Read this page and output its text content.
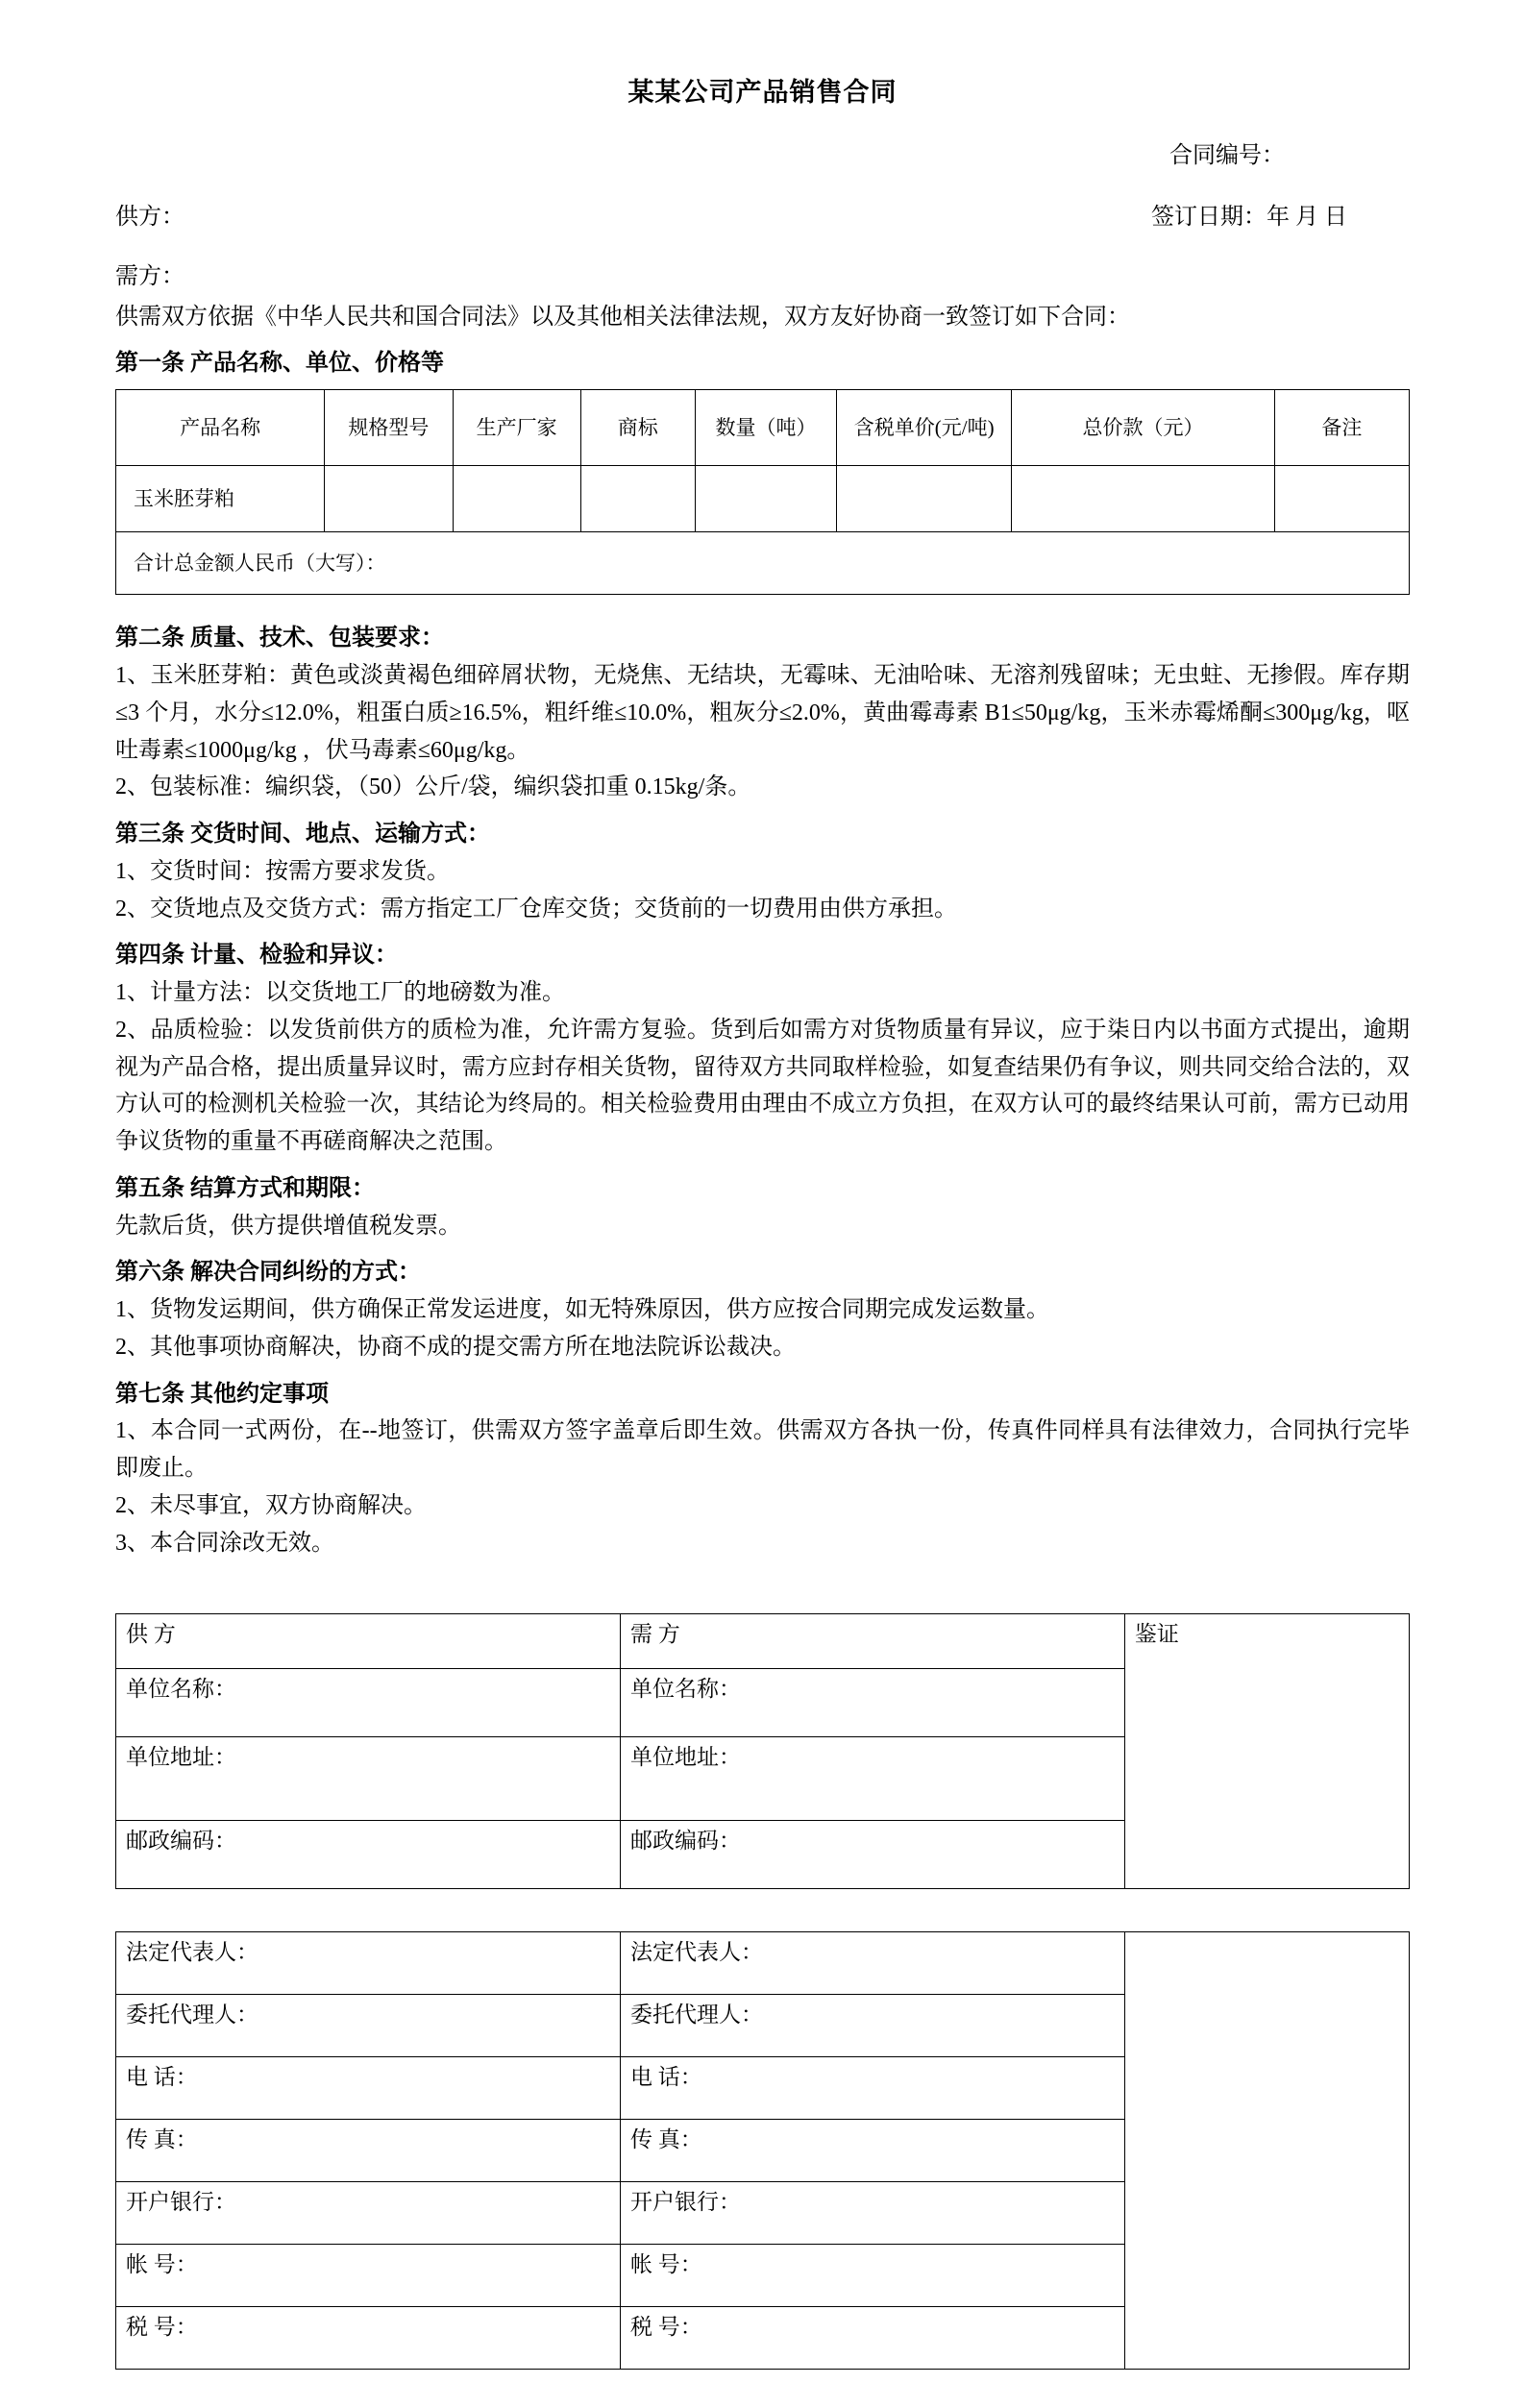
某某公司产品销售合同
合同编号：
供方：	签订日期：年 月 日
需方：
供需双方依据《中华人民共和国合同法》以及其他相关法律法规，双方友好协商一致签订如下合同：
第一条 产品名称、单位、价格等
产品名称	规格型号	生产厂家	商标	数量（吨）	含税单价(元/吨)	总价款（元）	备注
玉米胚芽粕							
合计总金额人民币（大写）：							
第二条 质量、技术、包装要求：
1、玉米胚芽粕：黄色或淡黄褐色细碎屑状物，无烧焦、无结块，无霉味、无油哈味、无溶剂残留味；无虫蛀、无掺假。库存期≤3 个月，水分≤12.0%，粗蛋白质≥16.5%，粗纤维≤10.0%，粗灰分≤2.0%，黄曲霉毒素 B1≤50μg/kg，玉米赤霉烯酮≤300μg/kg，呕吐毒素≤1000μg/kg ，伏马毒素≤60μg/kg。
2、包装标准：编织袋，（50）公斤/袋，编织袋扣重 0.15kg/条。
第三条 交货时间、地点、运输方式：
1、交货时间：按需方要求发货。
2、交货地点及交货方式：需方指定工厂仓库交货；交货前的一切费用由供方承担。
第四条 计量、检验和异议：
1、计量方法：以交货地工厂的地磅数为准。
2、品质检验：以发货前供方的质检为准，允许需方复验。货到后如需方对货物质量有异议，应于柒日内以书面方式提出，逾期视为产品合格，提出质量异议时，需方应封存相关货物，留待双方共同取样检验，如复查结果仍有争议，则共同交给合法的，双方认可的检测机关检验一次，其结论为终局的。相关检验费用由理由不成立方负担，在双方认可的最终结果认可前，需方已动用争议货物的重量不再磋商解决之范围。
第五条 结算方式和期限：
先款后货，供方提供增值税发票。
第六条 解决合同纠纷的方式：
1、货物发运期间，供方确保正常发运进度，如无特殊原因，供方应按合同期完成发运数量。
2、其他事项协商解决，协商不成的提交需方所在地法院诉讼裁决。
第七条 其他约定事项
1、本合同一式两份，在--地签订，供需双方签字盖章后即生效。供需双方各执一份，传真件同样具有法律效力，合同执行完毕即废止。
2、未尽事宜，双方协商解决。
3、本合同涂改无效。
供 方	需 方	鉴证
单位名称：	单位名称：	
单位地址：	单位地址：	
邮政编码：	邮政编码：	
法定代表人：	法定代表人：	
委托代理人：	委托代理人：	
电 话：	电 话：	
传 真：	传 真：	
开户银行：	开户银行：	
帐 号：	帐 号：	
税 号：	税 号：	
